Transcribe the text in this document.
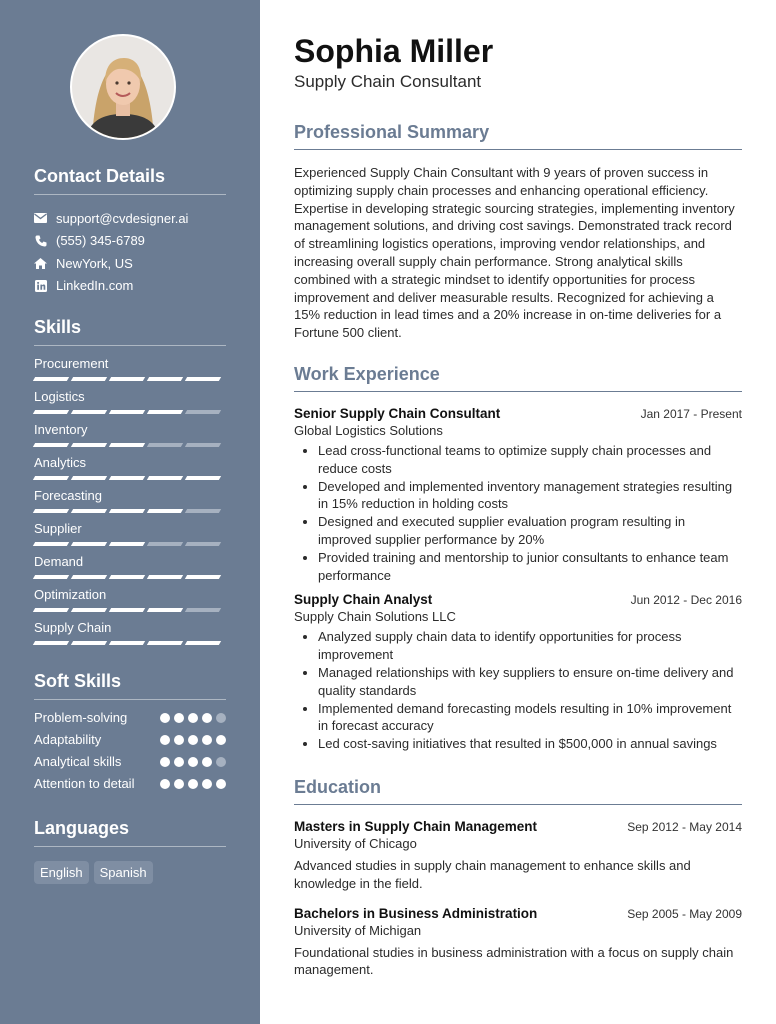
Contact Details
support@cvdesigner.ai
(555) 345-6789
NewYork, US
LinkedIn.com
Skills
Procurement
Logistics
Inventory
Analytics
Forecasting
Supplier
Demand
Optimization
Supply Chain
Soft Skills
Problem-solving
Adaptability
Analytical skills
Attention to detail
Languages
English	Spanish
Sophia Miller
Supply Chain Consultant
Professional Summary

Experienced Supply Chain Consultant with 9 years of proven success in optimizing supply chain processes and enhancing operational efficiency. Expertise in developing strategic sourcing strategies, implementing inventory management solutions, and driving cost savings. Demonstrated track record of streamlining logistics operations, improving vendor relationships, and increasing overall supply chain performance. Strong analytical skills combined with a strategic mindset to identify opportunities for process improvement and deliver measurable results. Recognized for achieving a 15% reduction in lead times and a 20% increase in on-time deliveries for a Fortune 500 client.

Work Experience
Senior Supply Chain Consultant	Jan 2017 - Present
Global Logistics Solutions
• Lead cross-functional teams to optimize supply chain processes and reduce costs
• Developed and implemented inventory management strategies resulting in 15% reduction in holding costs
• Designed and executed supplier evaluation program resulting in improved supplier performance by 20%
• Provided training and mentorship to junior consultants to enhance team performance
Supply Chain Analyst	Jun 2012 - Dec 2016
Supply Chain Solutions LLC
• Analyzed supply chain data to identify opportunities for process improvement
• Managed relationships with key suppliers to ensure on-time delivery and quality standards
• Implemented demand forecasting models resulting in 10% improvement in forecast accuracy
• Led cost-saving initiatives that resulted in $500,000 in annual savings
Education
Masters in Supply Chain Management	Sep 2012 - May 2014
University of Chicago

Advanced studies in supply chain management to enhance skills and knowledge in the field.

Bachelors in Business Administration	Sep 2005 - May 2009
University of Michigan

Foundational studies in business administration with a focus on supply chain management.
